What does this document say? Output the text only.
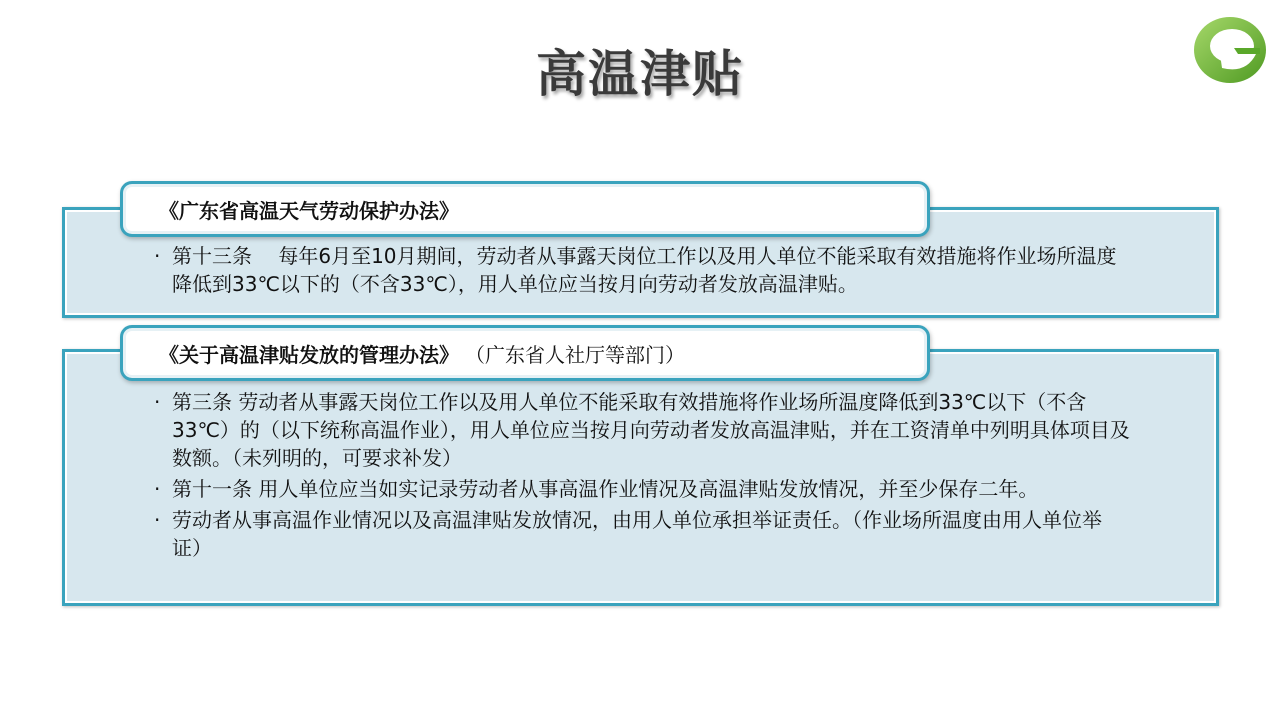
高温津贴
《广东省高温天气劳动保护办法》
· 第十三条　 每年6月至10月期间，劳动者从事露天岗位工作以及用人单位不能采取有效措施将作业场所温度降低到33℃以下的（不含33℃），用人单位应当按月向劳动者发放高温津贴。
《关于高温津贴发放的管理办法》 （广东省人社厅等部门）
· 第三条 劳动者从事露天岗位工作以及用人单位不能采取有效措施将作业场所温度降低到33℃以下（不含33℃）的（以下统称高温作业），用人单位应当按月向劳动者发放高温津贴，并在工资清单中列明具体项目及数额。（未列明的，可要求补发）
· 第十一条 用人单位应当如实记录劳动者从事高温作业情况及高温津贴发放情况，并至少保存二年。
· 劳动者从事高温作业情况以及高温津贴发放情况，由用人单位承担举证责任。（作业场所温度由用人单位举证）
